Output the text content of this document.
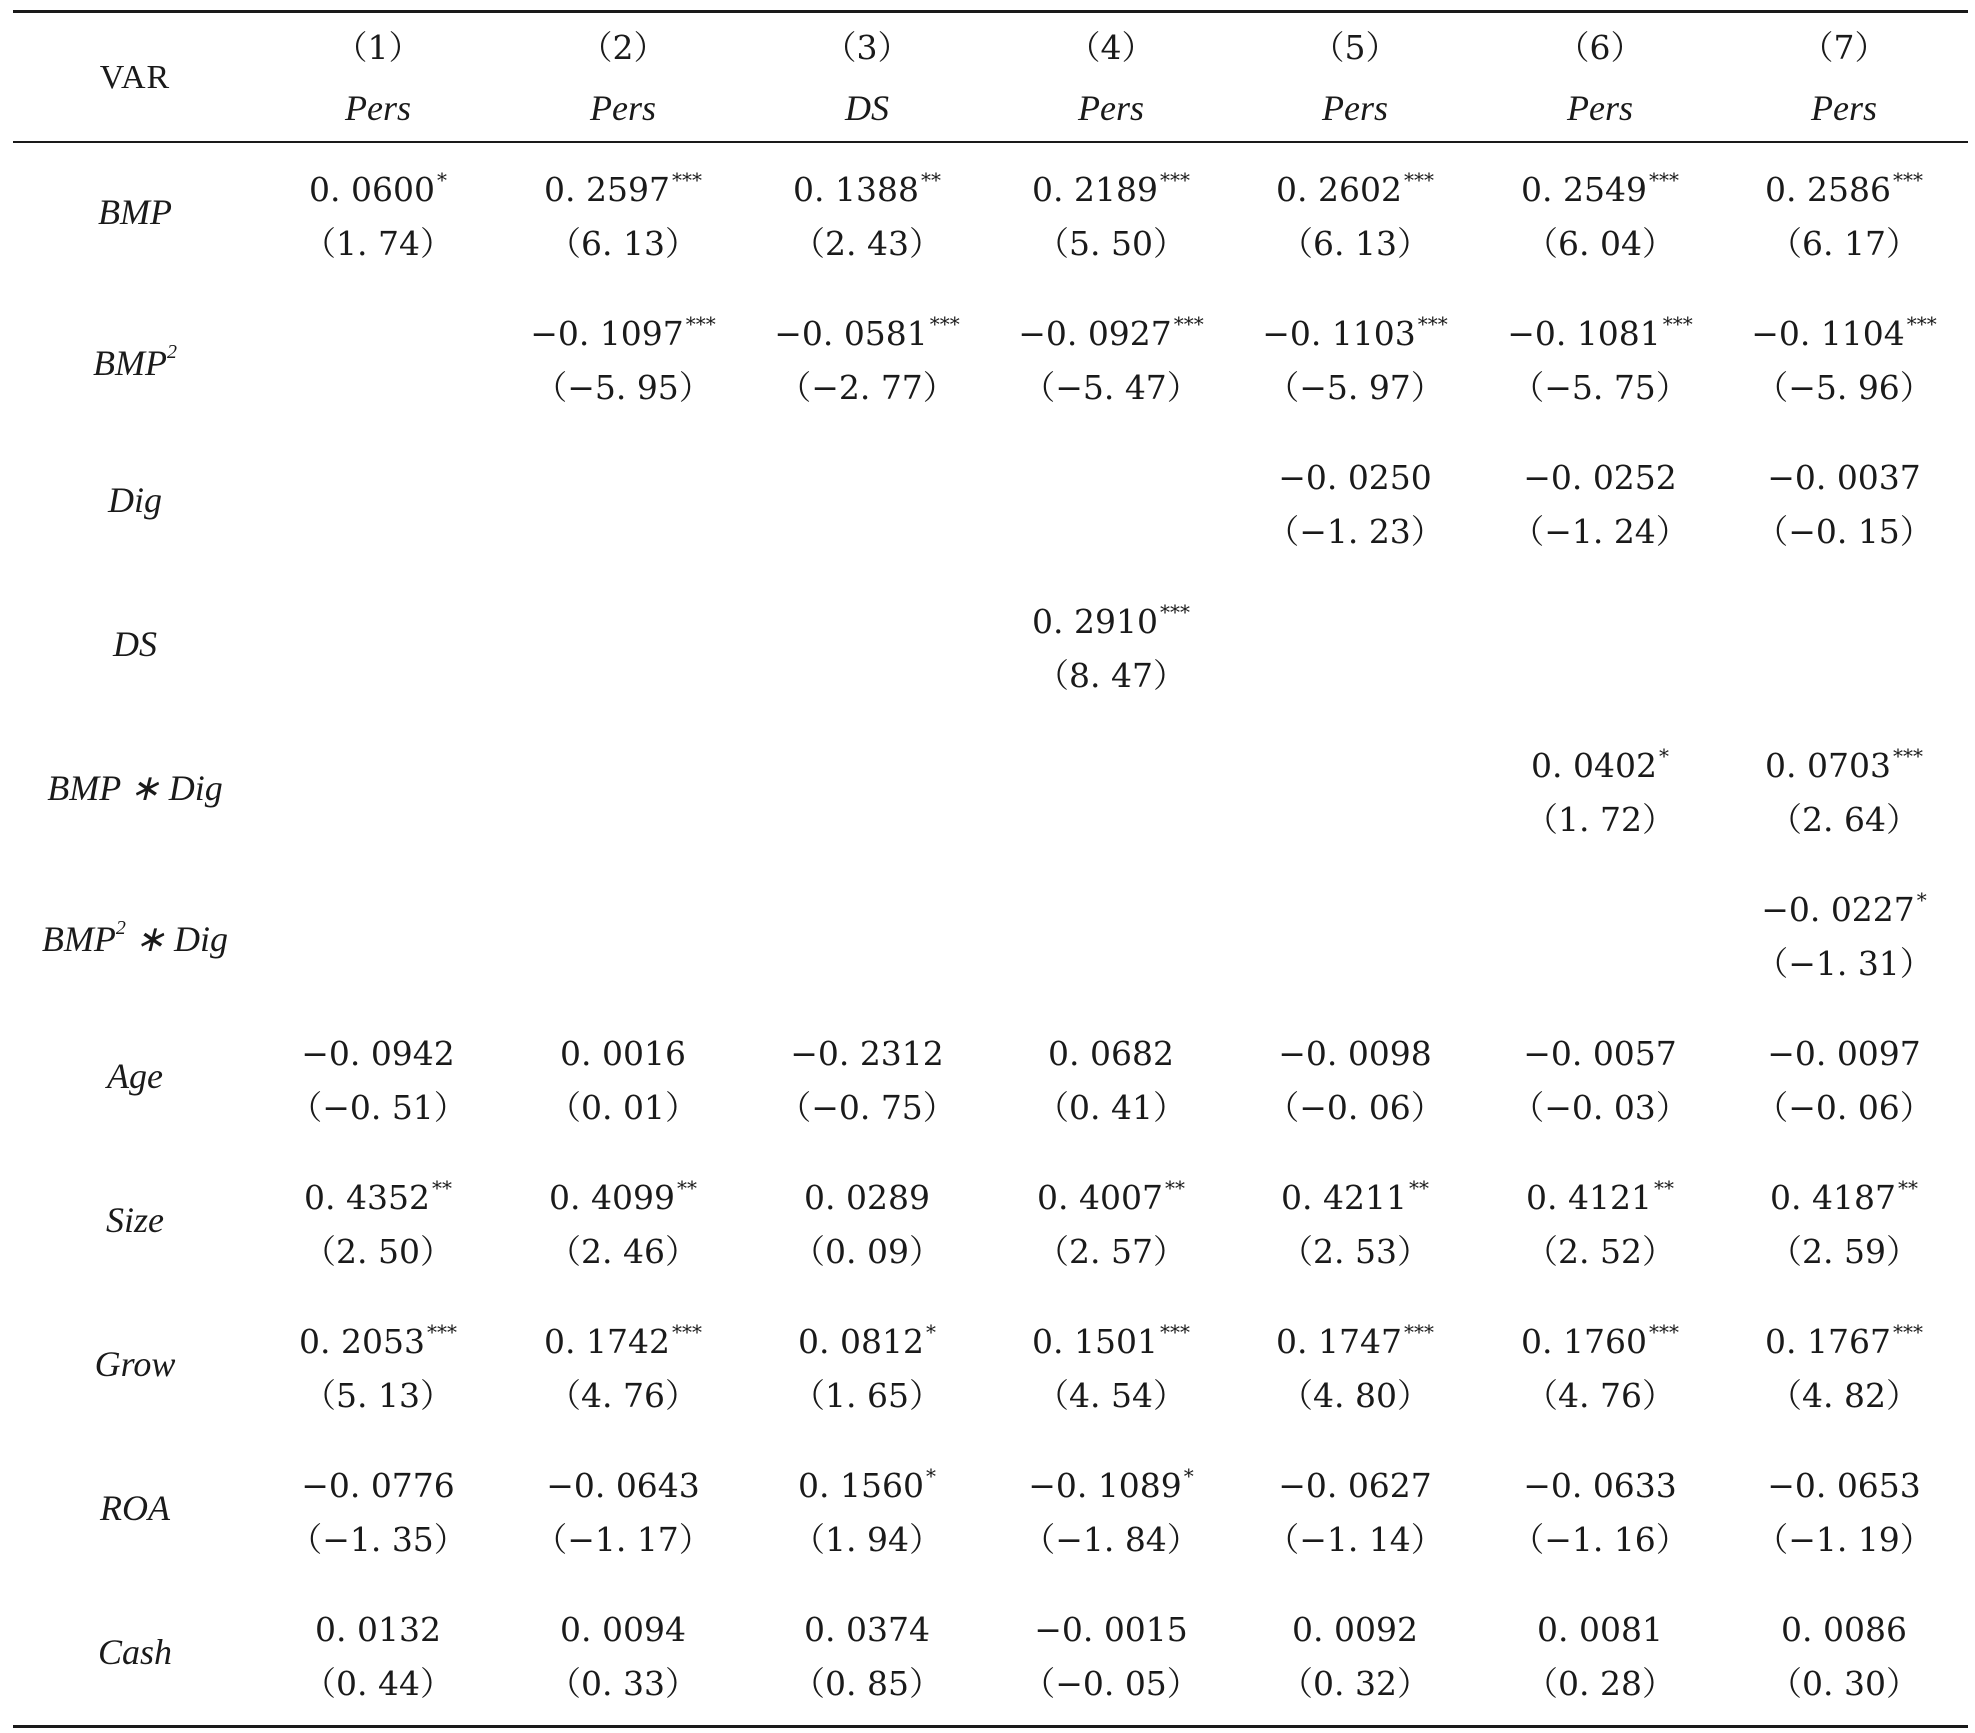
VAR
（1）
Pers
（2）
Pers
（3）
DS
（4）
Pers
（5）
Pers
（6）
Pers
（7）
Pers
BMP
0. 0600 *
（1. 74）
0. 2597 ***
（6. 13）
0. 1388 **
（2. 43）
0. 2189 ***
（5. 50）
0. 2602 ***
（6. 13）
0. 2549 ***
（6. 04）
0. 2586 ***
（6. 17）
$BMP^2$	−0. 1097 ***
（−5. 95）
−0. 0581 ***
（−2. 77）
−0. 0927 ***
（−5. 47）
−0. 1103 ***
（−5. 97）
−0. 1081 ***
（−5. 75）
−0. 1104 ***
（−5. 96）
Dig
−0. 0250
（−1. 23）
−0. 0252
（−1. 24）
−0. 0037
（−0. 15）
DS
0. 2910 ***
（8. 47）
BMP ∗ Dig
0. 0402 *
（1. 72）
0. 0703 ***
（2. 64）
BMP$^2$ ∗ Dig
−0. 0227 *
（−1. 31）
Age
−0. 0942
（−0. 51）
0. 0016
（0. 01）
−0. 2312
（−0. 75）
0. 0682
（0. 41）
−0. 0098
（−0. 06）
−0. 0057
（−0. 03）
−0. 0097
（−0. 06）
Size
0. 4352 **
（2. 50）
0. 4099 **
（2. 46）
0. 0289
（0. 09）
0. 4007 **
（2. 57）
0. 4211 **
（2. 53）
0. 4121 **
（2. 52）
0. 4187 **
（2. 59）
Grow
0. 2053 ***
（5. 13）
0. 1742 ***
（4. 76）
0. 0812 *
（1. 65）
0. 1501 ***
（4. 54）
0. 1747 ***
（4. 80）
0. 1760 ***
（4. 76）
0. 1767 ***
（4. 82）
ROA
−0. 0776
（−1. 35）
−0. 0643
（−1. 17）
0. 1560 *
（1. 94）
−0. 1089 *
（−1. 84）
−0. 0627
（−1. 14）
−0. 0633
（−1. 16）
−0. 0653
（−1. 19）
Cash
0. 0132
（0. 44）
0. 0094
（0. 33）
0. 0374
（0. 85）
−0. 0015
（−0. 05）
0. 0092
（0. 32）
0. 0081
（0. 28）
0. 0086
（0. 30）
